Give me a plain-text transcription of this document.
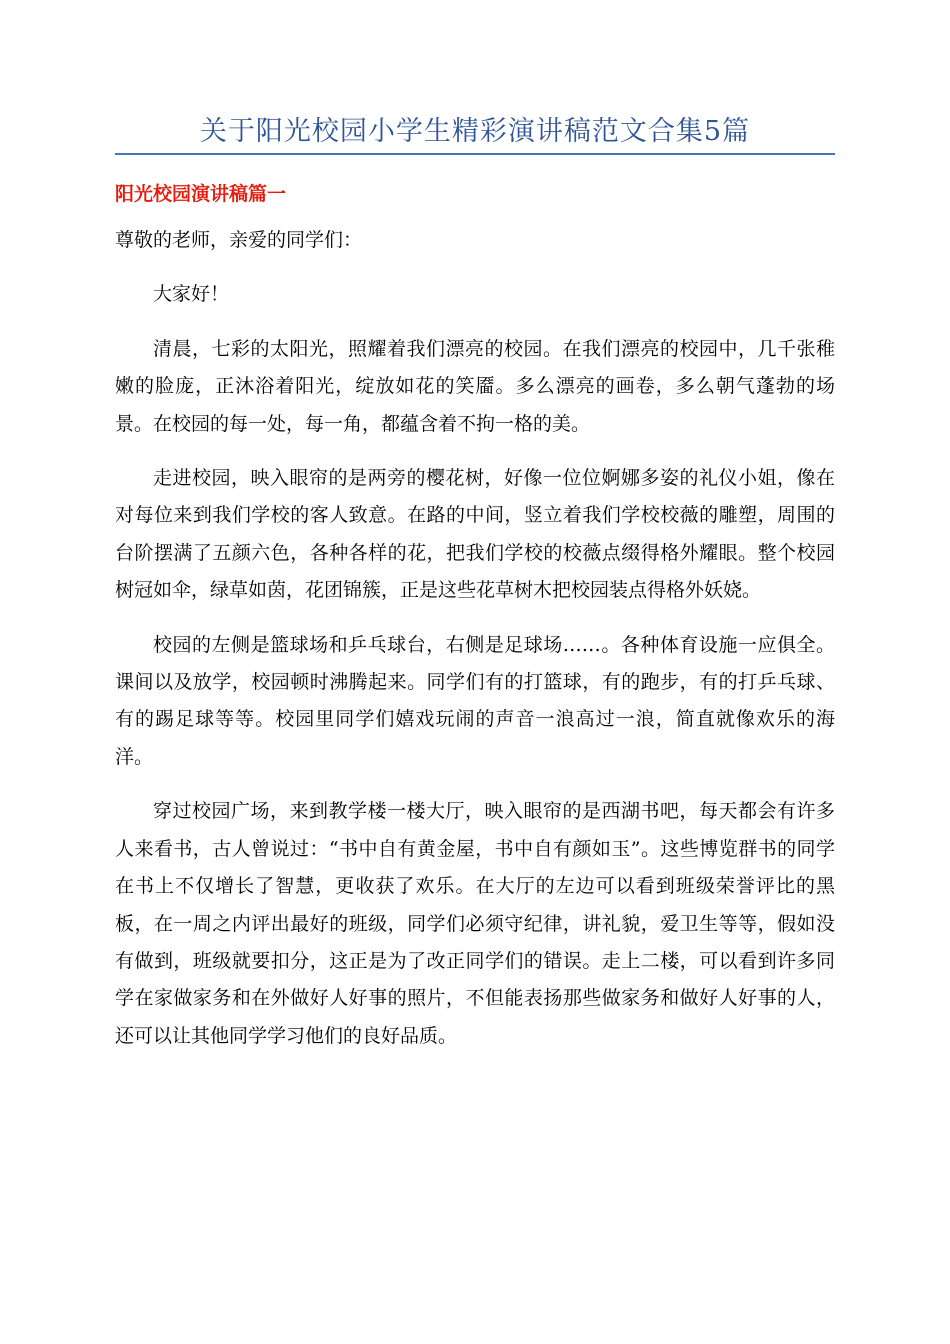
关于阳光校园小学生精彩演讲稿范文合集5篇
阳光校园演讲稿篇一

尊敬的老师，亲爱的同学们：

大家好！

清晨，七彩的太阳光，照耀着我们漂亮的校园。在我们漂亮的校园中，几千张稚嫩的脸庞，正沐浴着阳光，绽放如花的笑靥。多么漂亮的画卷，多么朝气蓬勃的场景。在校园的每一处，每一角，都蕴含着不拘一格的美。

走进校园，映入眼帘的是两旁的樱花树，好像一位位婀娜多姿的礼仪小姐，像在对每位来到我们学校的客人致意。在路的中间，竖立着我们学校校薇的雕塑，周围的台阶摆满了五颜六色，各种各样的花，把我们学校的校薇点缀得格外耀眼。整个校园树冠如伞，绿草如茵，花团锦簇，正是这些花草树木把校园装点得格外妖娆。

校园的左侧是篮球场和乒乓球台，右侧是足球场……。各种体育设施一应俱全。课间以及放学，校园顿时沸腾起来。同学们有的打篮球，有的跑步，有的打乒乓球、有的踢足球等等。校园里同学们嬉戏玩闹的声音一浪高过一浪，简直就像欢乐的海洋。

穿过校园广场，来到教学楼一楼大厅，映入眼帘的是西湖书吧，每天都会有许多人来看书，古人曾说过：“书中自有黄金屋，书中自有颜如玉”。这些博览群书的同学在书上不仅增长了智慧，更收获了欢乐。在大厅的左边可以看到班级荣誉评比的黑板，在一周之内评出最好的班级，同学们必须守纪律，讲礼貌，爱卫生等等，假如没有做到，班级就要扣分，这正是为了改正同学们的错误。走上二楼，可以看到许多同学在家做家务和在外做好人好事的照片，不但能表扬那些做家务和做好人好事的人，还可以让其他同学学习他们的良好品质。
